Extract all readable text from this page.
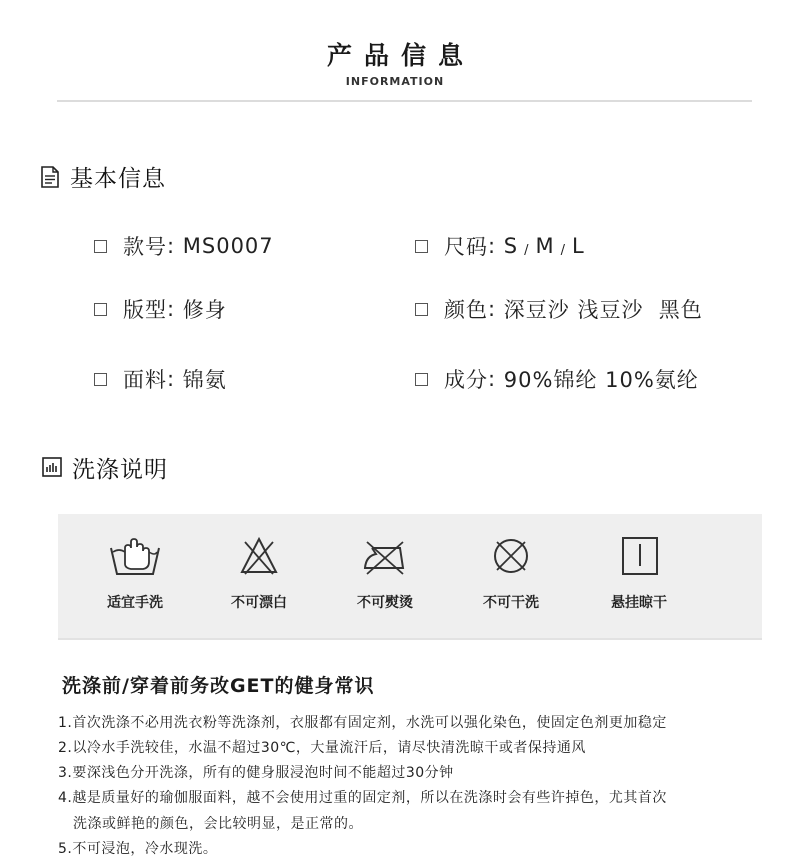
产品信息
INFORMATION
基本信息
款号 : MS0007	尺码 : S / M / L
版型 : 修身	颜色 : 深豆沙 浅豆沙  黑色
面料 : 锦氨	成分 : 90%锦纶 10%氨纶
洗涤说明
适宜手洗	不可漂白	不可熨烫	不可干洗	悬挂晾干
洗涤前/穿着前务改GET的健身常识
1.首次洗涤不必用洗衣粉等洗涤剂，衣服都有固定剂，水洗可以强化染色，使固定色剂更加稳定
2.以冷水手洗较佳，水温不超过30℃，大量流汗后，请尽快清洗晾干或者保持通风
3.要深浅色分开洗涤，所有的健身服浸泡时间不能超过30分钟
4.越是质量好的瑜伽服面料，越不会使用过重的固定剂，所以在洗涤时会有些许掉色，尤其首次
洗涤或鲜艳的颜色，会比较明显，是正常的。
5.不可浸泡，冷水现洗。
